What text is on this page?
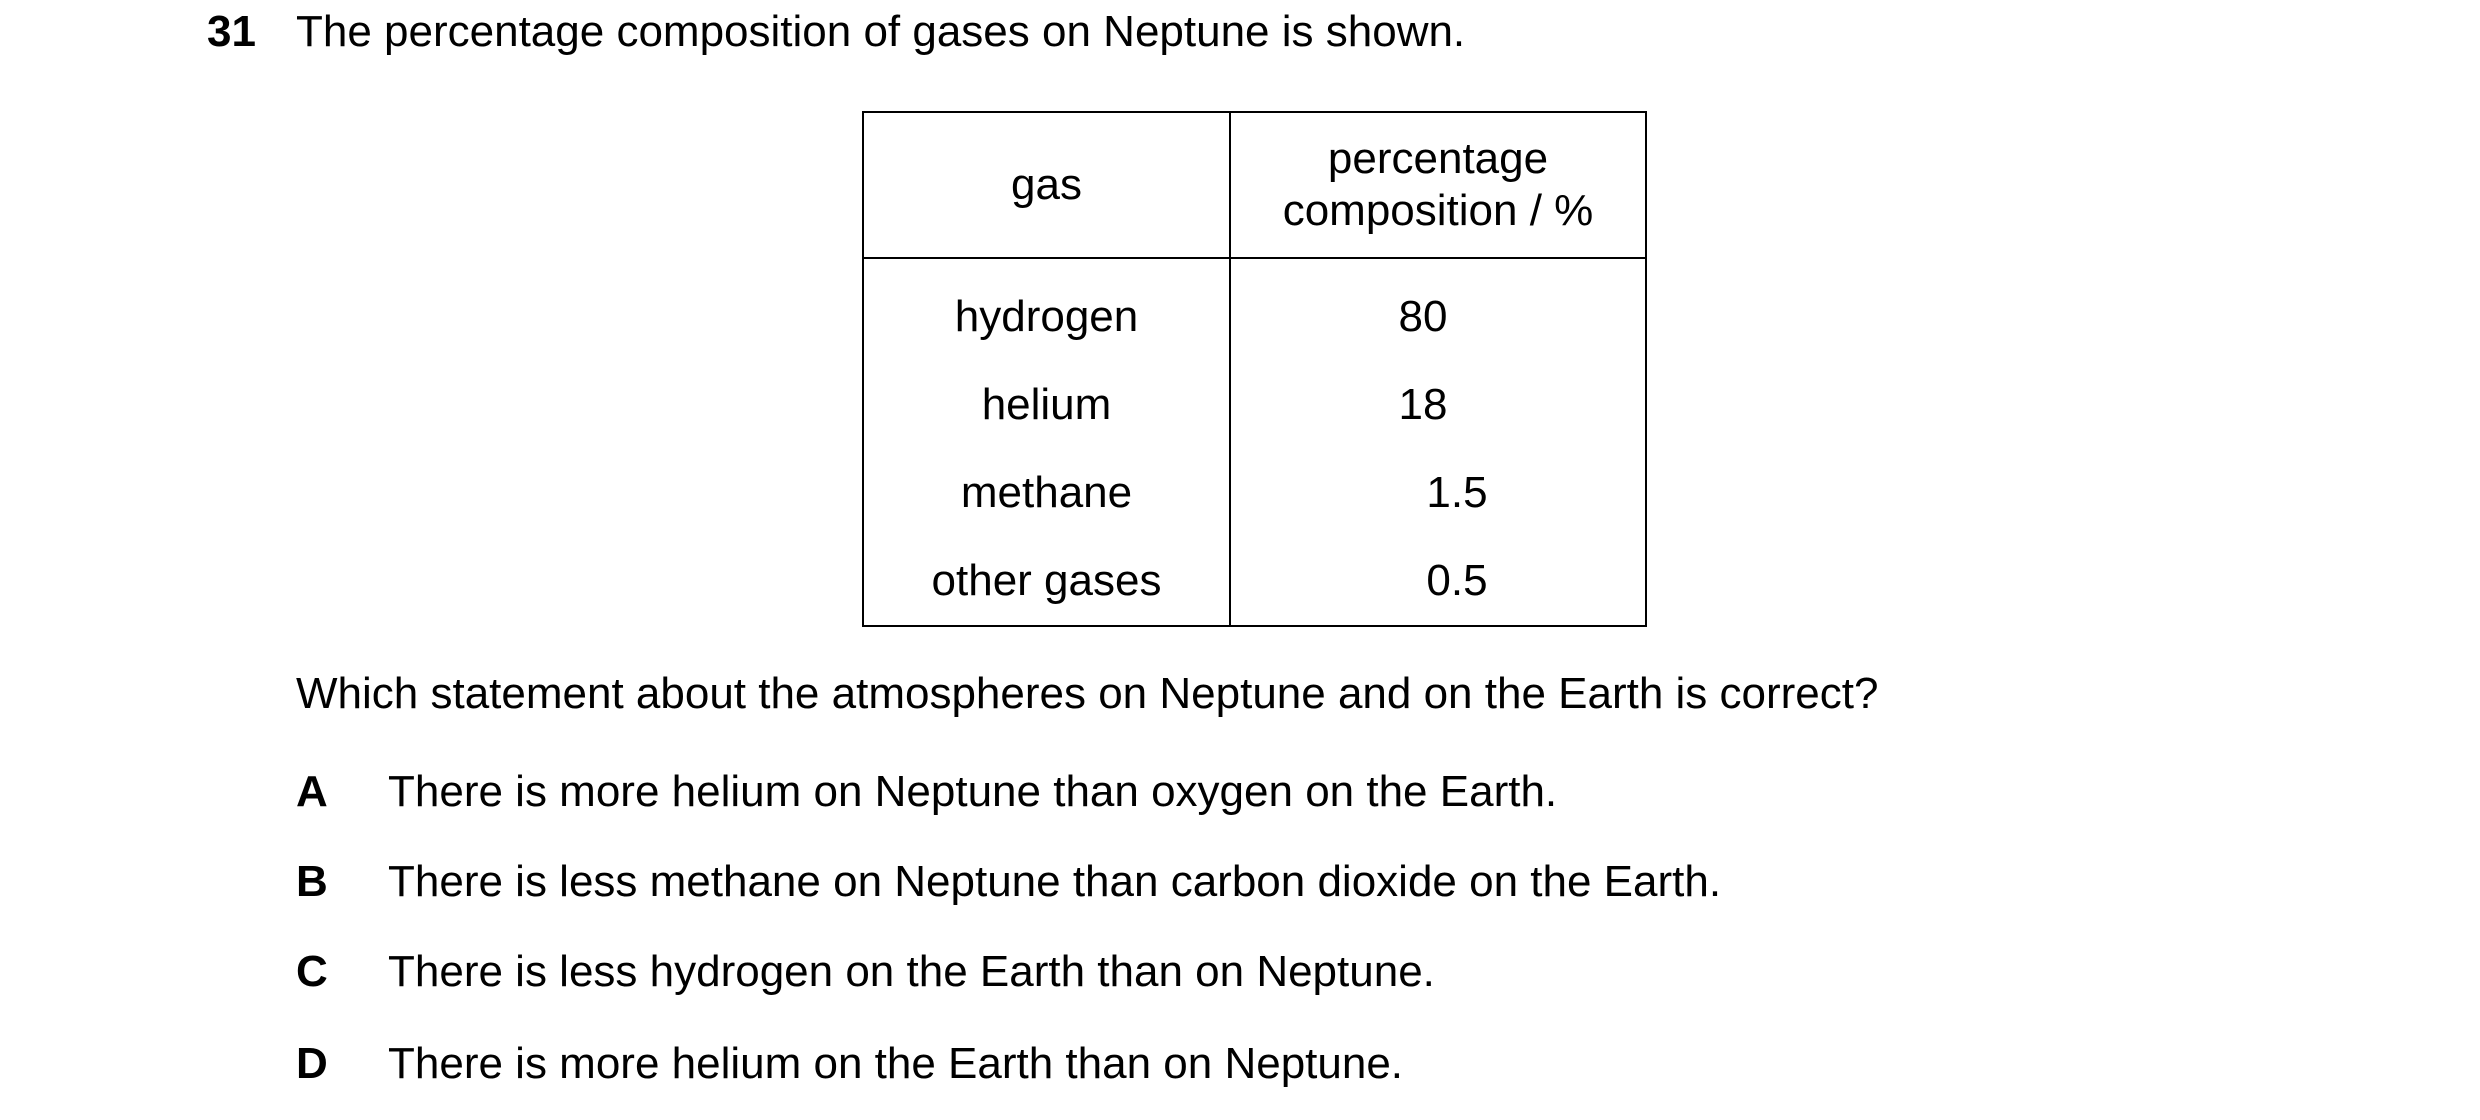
31 The percentage composition of gases on Neptune is shown.
gas	percentage
composition / %
hydrogen	80
helium	18
methane	1.5
other gases	0.5
Which statement about the atmospheres on Neptune and on the Earth is correct?
A There is more helium on Neptune than oxygen on the Earth.
B There is less methane on Neptune than carbon dioxide on the Earth.
C There is less hydrogen on the Earth than on Neptune.
D There is more helium on the Earth than on Neptune.
